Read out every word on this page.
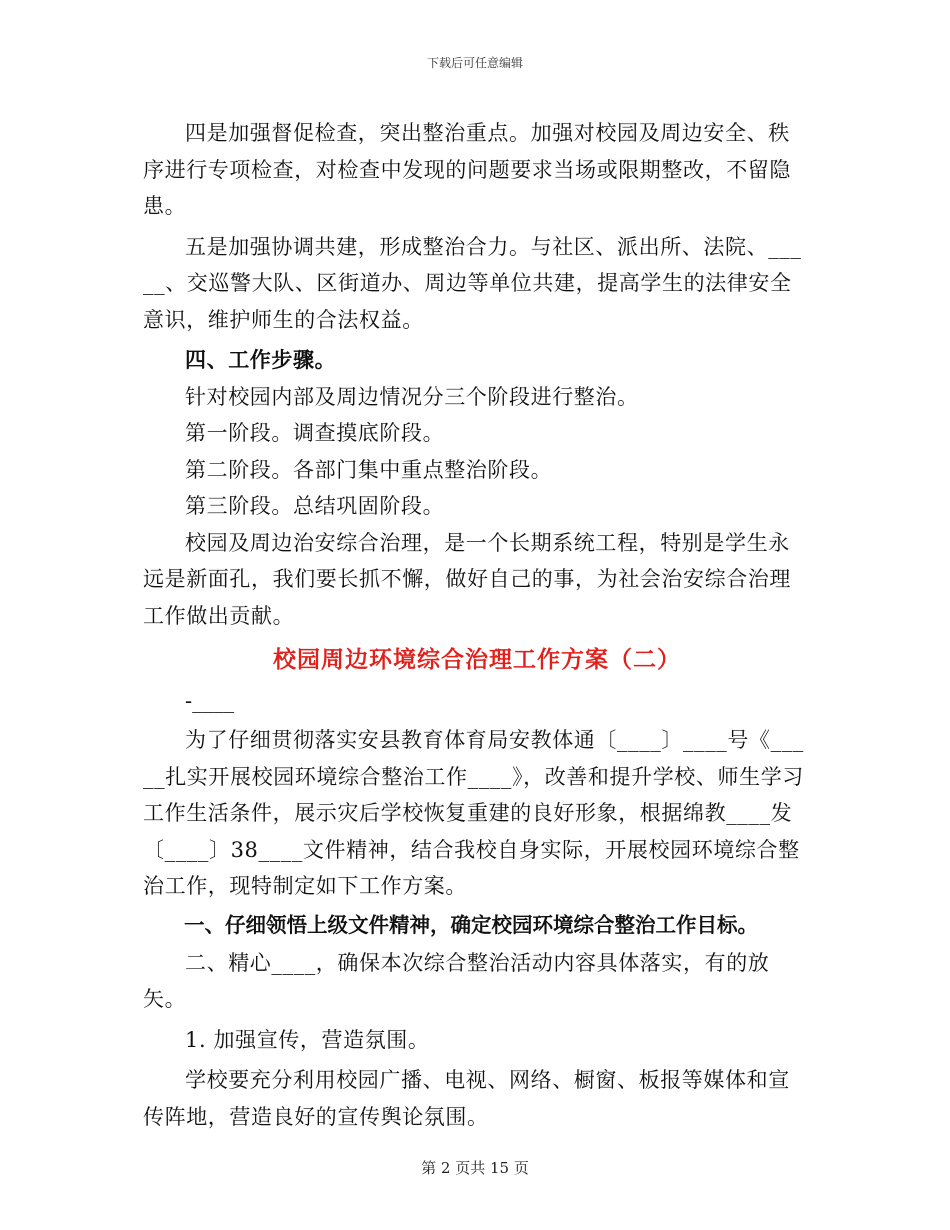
下载后可任意编辑

四是加强督促检查，突出整治重点。加强对校园及周边安全、秩序进行专项检查，对检查中发现的问题要求当场或限期整改，不留隐患。

五是加强协调共建，形成整治合力。与社区、派出所、法院、_____、交巡警大队、区街道办、周边等单位共建，提高学生的法律安全意识，维护师生的合法权益。

四、工作步骤。

针对校园内部及周边情况分三个阶段进行整治。

第一阶段。调查摸底阶段。

第二阶段。各部门集中重点整治阶段。

第三阶段。总结巩固阶段。

校园及周边治安综合治理，是一个长期系统工程，特别是学生永远是新面孔，我们要长抓不懈，做好自己的事，为社会治安综合治理工作做出贡献。

校园周边环境综合治理工作方案（二）

-____

为了仔细贯彻落实安县教育体育局安教体通〔____〕____号《_____扎实开展校园环境综合整治工作____》，改善和提升学校、师生学习工作生活条件，展示灾后学校恢复重建的良好形象，根据绵教____发〔____〕38____文件精神，结合我校自身实际，开展校园环境综合整治工作，现特制定如下工作方案。

一、仔细领悟上级文件精神，确定校园环境综合整治工作目标。

二、精心____，确保本次综合整治活动内容具体落实，有的放矢。

1. 加强宣传，营造氛围。

学校要充分利用校园广播、电视、网络、橱窗、板报等媒体和宣传阵地，营造良好的宣传舆论氛围。

第 2 页共 15 页
